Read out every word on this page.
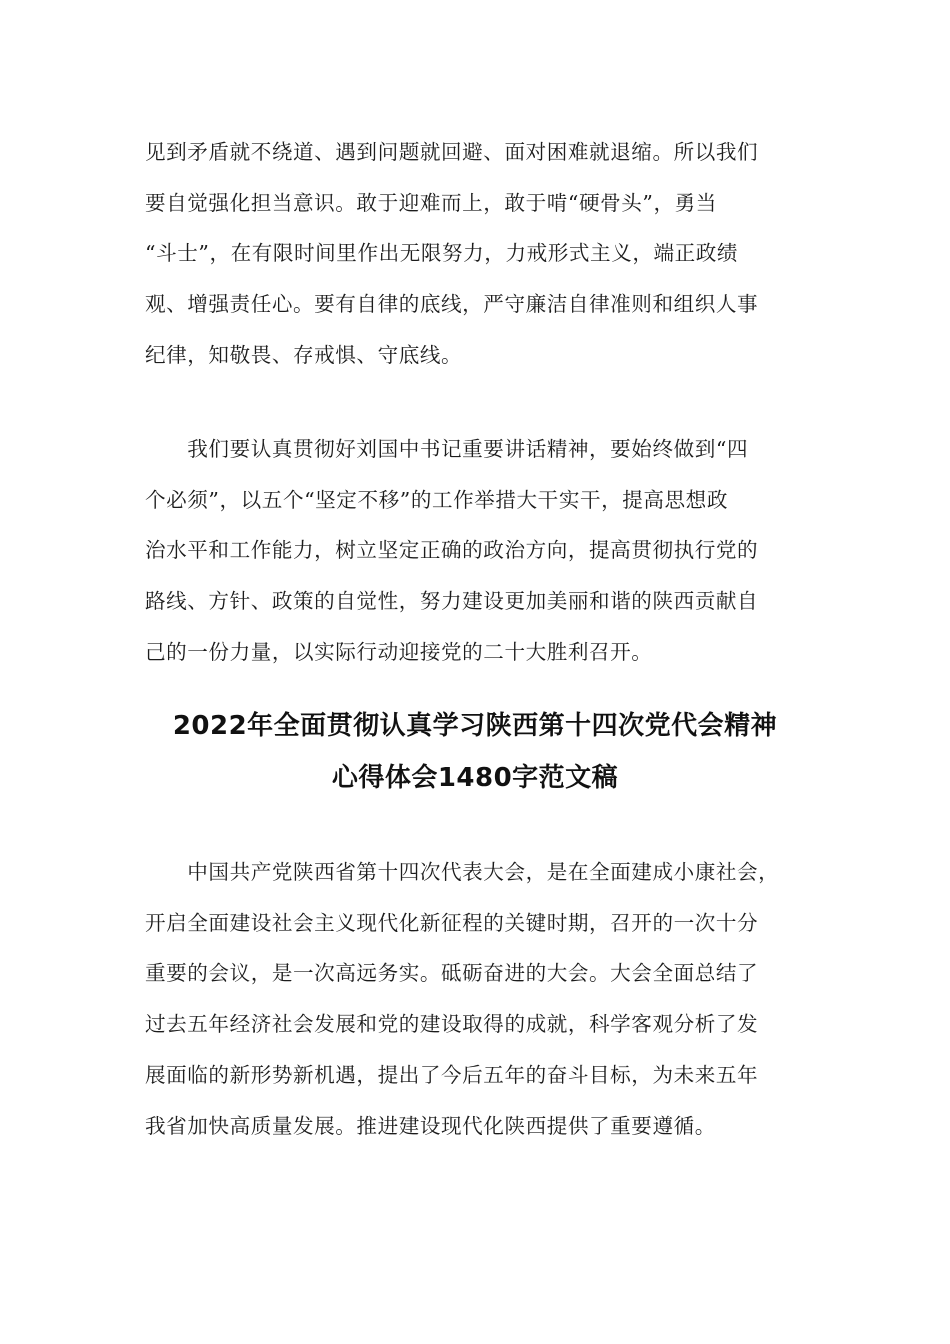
见到矛盾就不绕道、遇到问题就回避、面对困难就退缩。所以我们
要自觉强化担当意识。敢于迎难而上，敢于啃“硬骨头”，勇当
“斗士”，在有限时间里作出无限努力，力戒形式主义，端正政绩
观、增强责任心。要有自律的底线，严守廉洁自律准则和组织人事
纪律，知敬畏、存戒惧、守底线。
　　我们要认真贯彻好刘国中书记重要讲话精神，要始终做到“四
个必须”，以五个“坚定不移”的工作举措大干实干，提高思想政
治水平和工作能力，树立坚定正确的政治方向，提高贯彻执行党的
路线、方针、政策的自觉性，努力建设更加美丽和谐的陕西贡献自
己的一份力量，以实际行动迎接党的二十大胜利召开。
2022年全面贯彻认真学习陕西第十四次党代会精神
心得体会1480字范文稿
　　中国共产党陕西省第十四次代表大会，是在全面建成小康社会，
开启全面建设社会主义现代化新征程的关键时期，召开的一次十分
重要的会议，是一次高远务实。砥砺奋进的大会。大会全面总结了
过去五年经济社会发展和党的建设取得的成就，科学客观分析了发
展面临的新形势新机遇，提出了今后五年的奋斗目标，为未来五年
我省加快高质量发展。推进建设现代化陕西提供了重要遵循。
